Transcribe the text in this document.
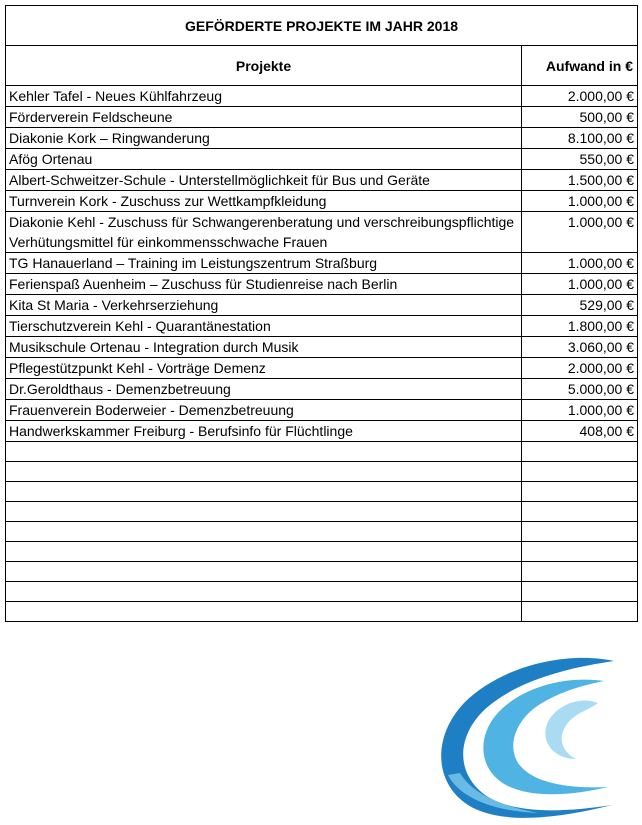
GEFÖRDERTE PROJEKTE IM JAHR 2018	
Projekte	Aufwand in €
Kehler Tafel - Neues Kühlfahrzeug	2.000,00 €
Förderverein Feldscheune	500,00 €
Diakonie Kork – Ringwanderung	8.100,00 €
Afög Ortenau	550,00 €
Albert-Schweitzer-Schule - Unterstellmöglichkeit für Bus und Geräte	1.500,00 €
Turnverein Kork - Zuschuss zur Wettkampfkleidung	1.000,00 €
Diakonie Kehl - Zuschuss für Schwangerenberatung und verschreibungspflichtige Verhütungsmittel für einkommensschwache Frauen	1.000,00 €
TG Hanauerland – Training im Leistungszentrum Straßburg	1.000,00 €
Ferienspaß Auenheim – Zuschuss für Studienreise nach Berlin	1.000,00 €
Kita St Maria - Verkehrserziehung	529,00 €
Tierschutzverein Kehl - Quarantänestation	1.800,00 €
Musikschule Ortenau - Integration durch Musik	3.060,00 €
Pflegestützpunkt Kehl - Vorträge Demenz	2.000,00 €
Dr.Geroldthaus - Demenzbetreuung	5.000,00 €
Frauenverein Boderweier - Demenzbetreuung	1.000,00 €
Handwerkskammer Freiburg - Berufsinfo für Flüchtlinge	408,00 €
